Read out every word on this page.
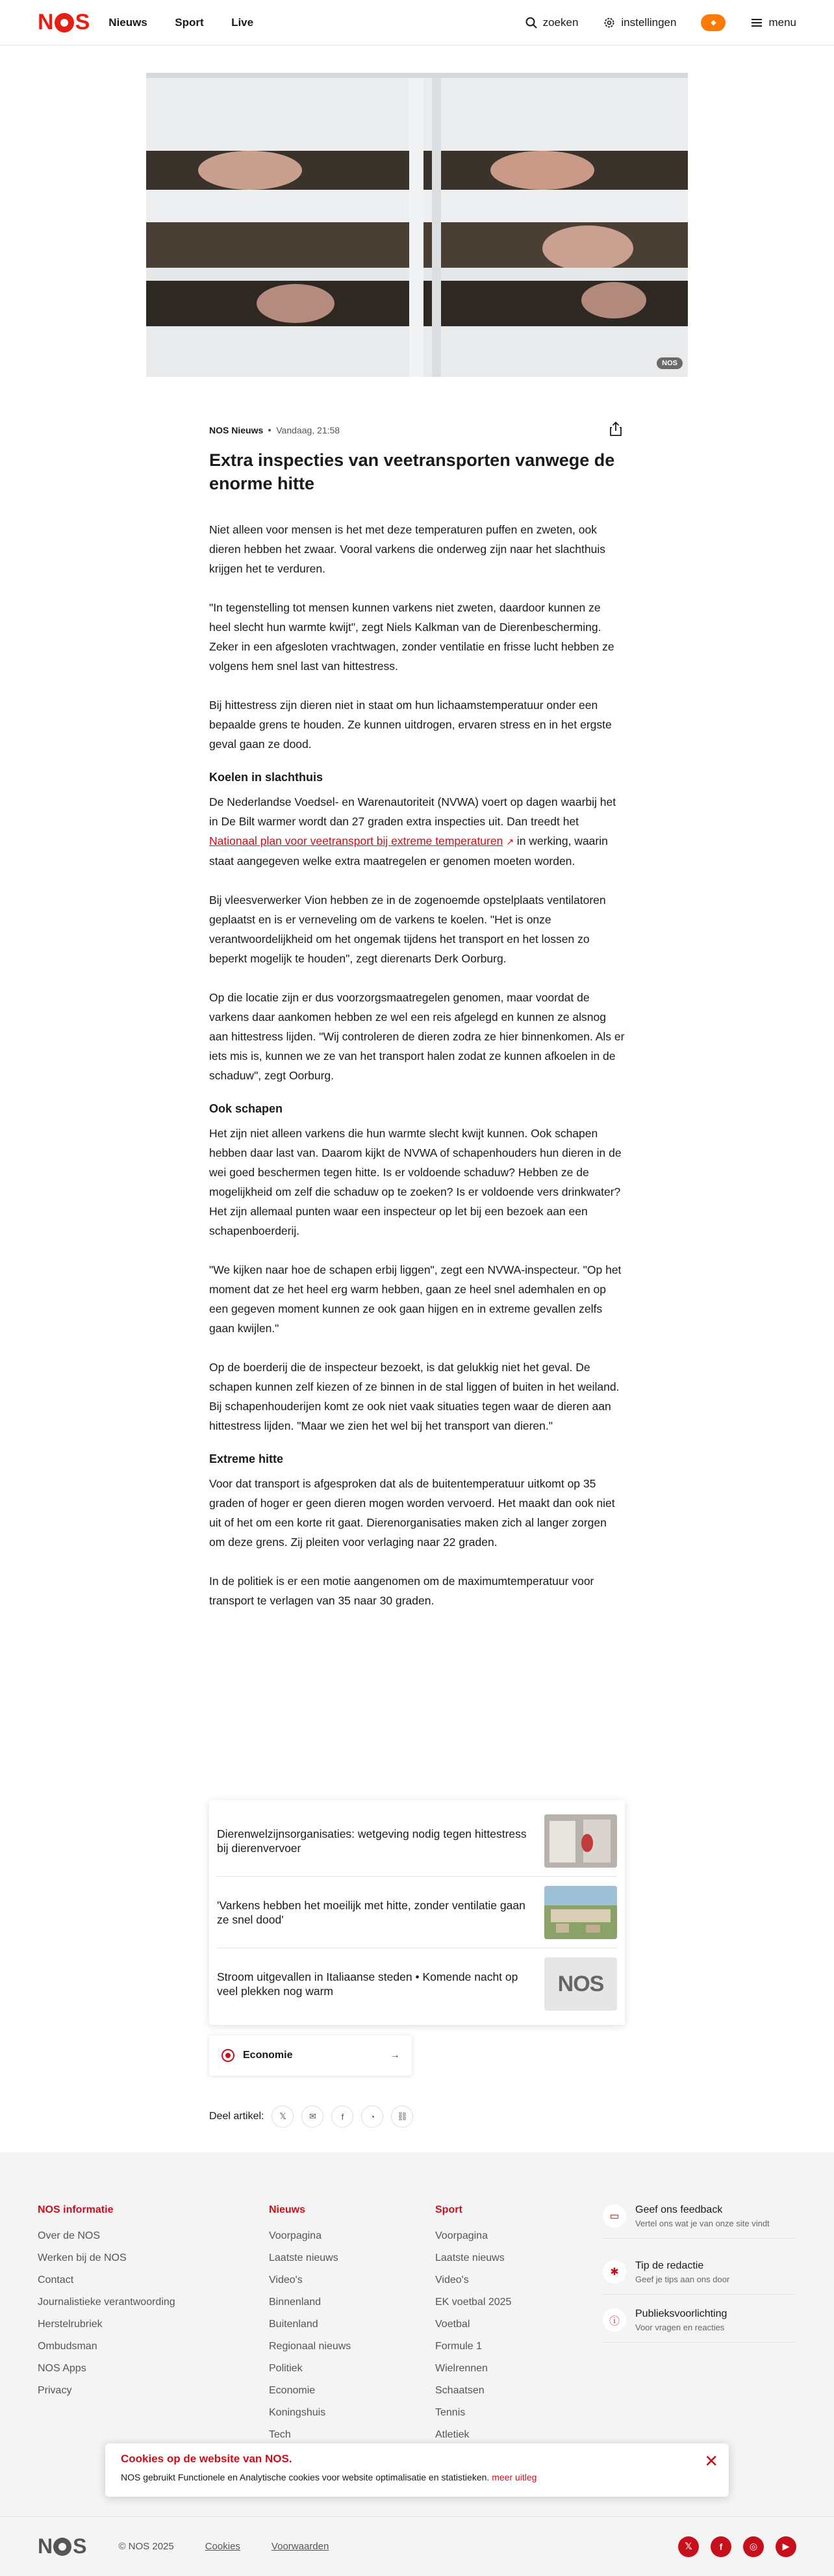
N S Nieuws Sport Live	zoeken	instellingen	◆	menu
NOS
NOS Nieuws Vandaag, 21:58
Extra inspecties van veetransporten vanwege de enorme hitte

Niet alleen voor mensen is het met deze temperaturen puffen en zweten, ook dieren hebben het zwaar. Vooral varkens die onderweg zijn naar het slachthuis krijgen het te verduren.

"In tegenstelling tot mensen kunnen varkens niet zweten, daardoor kunnen ze heel slecht hun warmte kwijt", zegt Niels Kalkman van de Dierenbescherming. Zeker in een afgesloten vrachtwagen, zonder ventilatie en frisse lucht hebben ze volgens hem snel last van hittestress.

Bij hittestress zijn dieren niet in staat om hun lichaamstemperatuur onder een bepaalde grens te houden. Ze kunnen uitdrogen, ervaren stress en in het ergste geval gaan ze dood.

Koelen in slachthuis

De Nederlandse Voedsel- en Warenautoriteit (NVWA) voert op dagen waarbij het in De Bilt warmer wordt dan 27 graden extra inspecties uit. Dan treedt het Nationaal plan voor veetransport bij extreme temperaturen ↗ in werking, waarin staat aangegeven welke extra maatregelen er genomen moeten worden.

Bij vleesverwerker Vion hebben ze in de zogenoemde opstelplaats ventilatoren geplaatst en is er verneveling om de varkens te koelen. "Het is onze verantwoordelijkheid om het ongemak tijdens het transport en het lossen zo beperkt mogelijk te houden", zegt dierenarts Derk Oorburg.

Op die locatie zijn er dus voorzorgsmaatregelen genomen, maar voordat de varkens daar aankomen hebben ze wel een reis afgelegd en kunnen ze alsnog aan hittestress lijden. "Wij controleren de dieren zodra ze hier binnenkomen. Als er iets mis is, kunnen we ze van het transport halen zodat ze kunnen afkoelen in de schaduw", zegt Oorburg.

Ook schapen

Het zijn niet alleen varkens die hun warmte slecht kwijt kunnen. Ook schapen hebben daar last van. Daarom kijkt de NVWA of schapenhouders hun dieren in de wei goed beschermen tegen hitte. Is er voldoende schaduw? Hebben ze de mogelijkheid om zelf die schaduw op te zoeken? Is er voldoende vers drinkwater? Het zijn allemaal punten waar een inspecteur op let bij een bezoek aan een schapenboerderij.

"We kijken naar hoe de schapen erbij liggen", zegt een NVWA-inspecteur. "Op het moment dat ze het heel erg warm hebben, gaan ze heel snel ademhalen en op een gegeven moment kunnen ze ook gaan hijgen en in extreme gevallen zelfs gaan kwijlen."

Op de boerderij die de inspecteur bezoekt, is dat gelukkig niet het geval. De schapen kunnen zelf kiezen of ze binnen in de stal liggen of buiten in het weiland. Bij schapenhouderijen komt ze ook niet vaak situaties tegen waar de dieren aan hittestress lijden. "Maar we zien het wel bij het transport van dieren."

Extreme hitte

Voor dat transport is afgesproken dat als de buitentemperatuur uitkomt op 35 graden of hoger er geen dieren mogen worden vervoerd. Het maakt dan ook niet uit of het om een korte rit gaat. Dierenorganisaties maken zich al langer zorgen om deze grens. Zij pleiten voor verlaging naar 22 graden.

In de politiek is er een motie aangenomen om de maximumtemperatuur voor transport te verlagen van 35 naar 30 graden.

Dierenwelzijnsorganisaties: wetgeving nodig tegen hittestress bij dierenvervoer
'Varkens hebben het moeilijk met hitte, zonder ventilatie gaan ze snel dood'
Stroom uitgevallen in Italiaanse steden • Komende nacht op veel plekken nog warm	NOS
Economie	→
Deel artikel:	𝕏	✉	f	◔	⛓
NOS informatie
Over de NOS
Werken bij de NOS
Contact
Journalistieke verantwoording
Herstelrubriek
Ombudsman
NOS Apps
Privacy
Nieuws
Voorpagina
Laatste nieuws
Video's
Binnenland
Buitenland
Regionaal nieuws
Politiek
Economie
Koningshuis
Tech
Sport
Voorpagina
Laatste nieuws
Video's
EK voetbal 2025
Voetbal
Formule 1
Wielrennen
Schaatsen
Tennis
Atletiek
▭
Geef ons feedback
Vertel ons wat je van onze site vindt
✱
Tip de redactie
Geef je tips aan ons door
ⓘ
Publieksvoorlichting
Voor vragen en reacties
Cookies op de website van NOS.

NOS gebruikt Functionele en Analytische cookies voor website optimalisatie en statistieken. meer uitleg

✕
N S	© NOS 2025	Cookies	Voorwaarden	𝕏	f	◎	▶
